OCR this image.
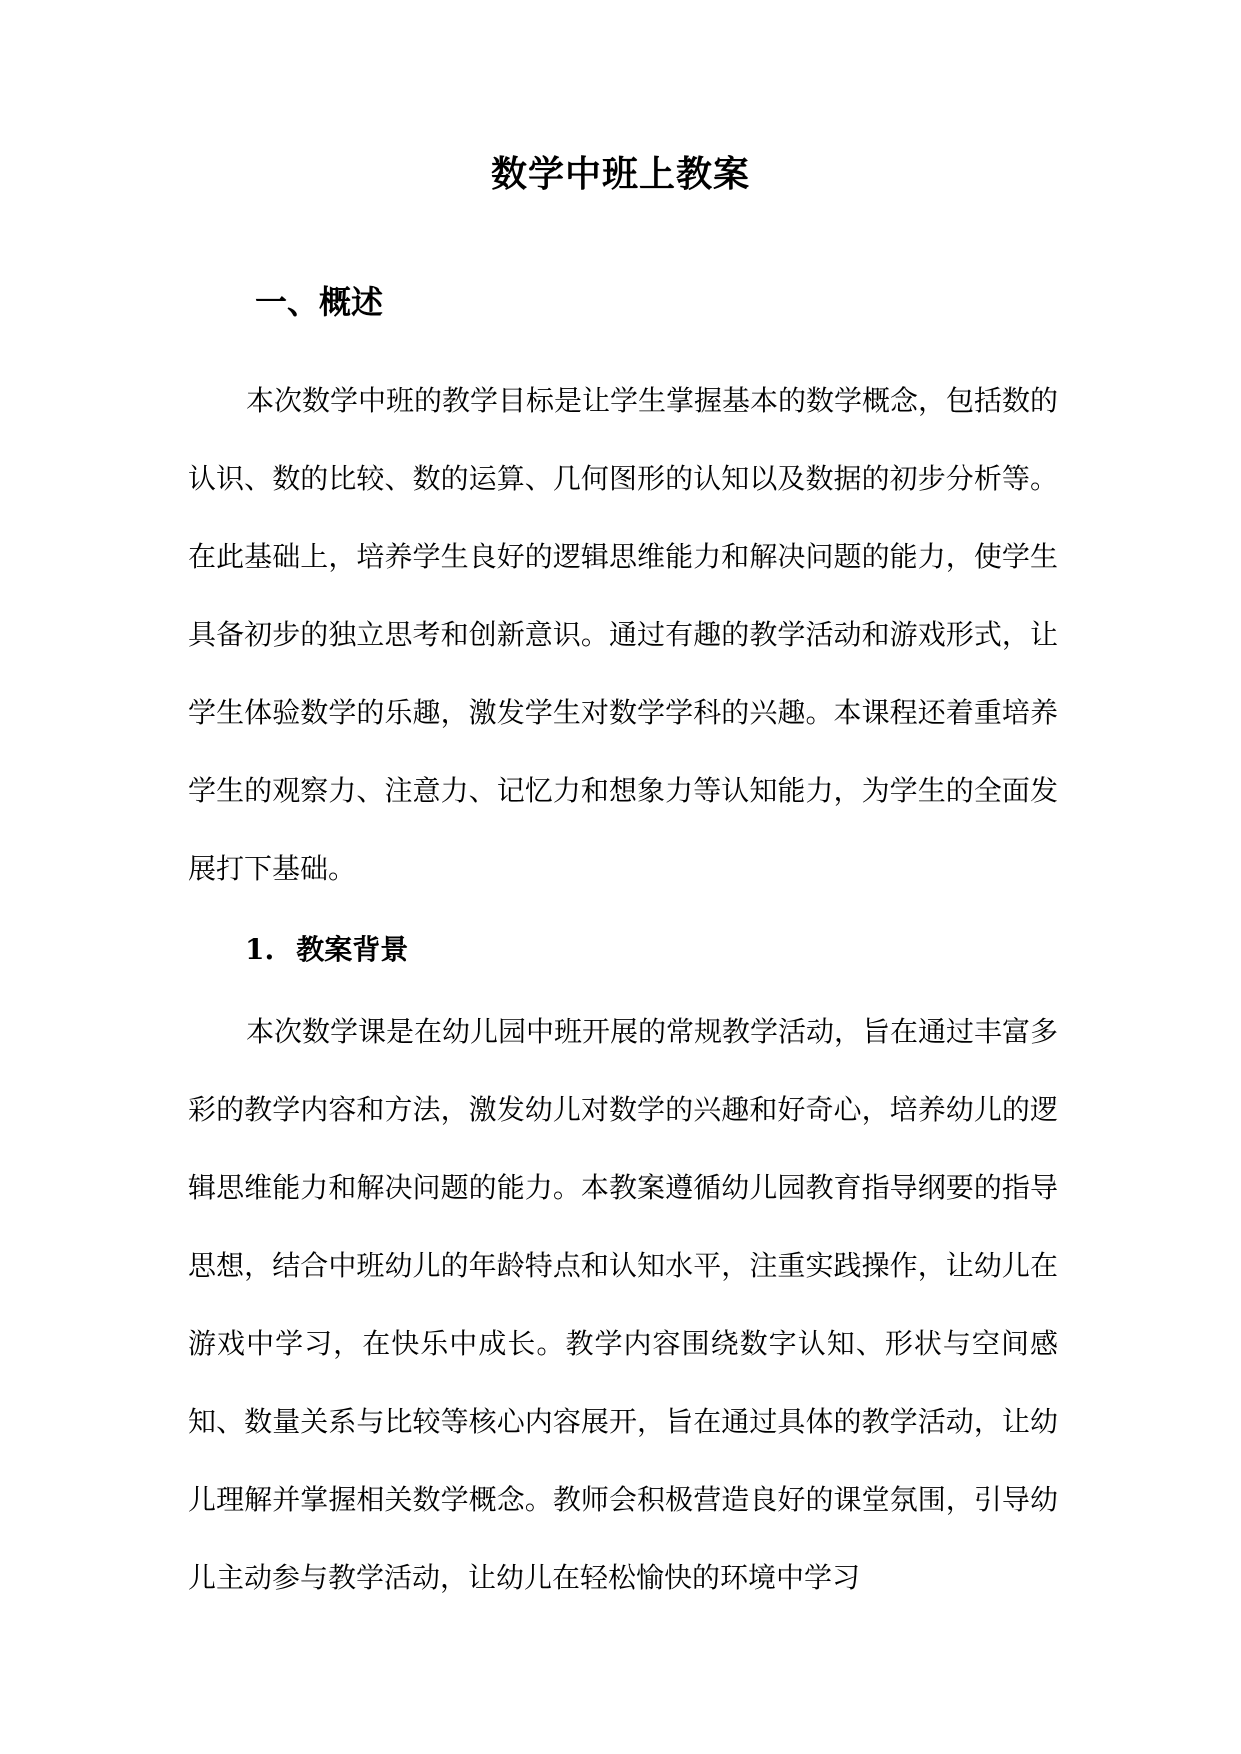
数学中班上教案
一、概述

本次数学中班的教学目标是让学生掌握基本的数学概念，包括数的认识、数的比较、数的运算、几何图形的认知以及数据的初步分析等。在此基础上，培养学生良好的逻辑思维能力和解决问题的能力，使学生具备初步的独立思考和创新意识。通过有趣的教学活动和游戏形式，让学生体验数学的乐趣，激发学生对数学学科的兴趣。本课程还着重培养学生的观察力、注意力、记忆力和想象力等认知能力，为学生的全面发展打下基础。

1. 教案背景

本次数学课是在幼儿园中班开展的常规教学活动，旨在通过丰富多彩的教学内容和方法，激发幼儿对数学的兴趣和好奇心，培养幼儿的逻辑思维能力和解决问题的能力。本教案遵循幼儿园教育指导纲要的指导思想，结合中班幼儿的年龄特点和认知水平，注重实践操作，让幼儿在游戏中学习，在快乐中成长。教学内容围绕数字认知、形状与空间感知、数量关系与比较等核心内容展开，旨在通过具体的教学活动，让幼儿理解并掌握相关数学概念。教师会积极营造良好的课堂氛围，引导幼儿主动参与教学活动，让幼儿在轻松愉快的环境中学习
